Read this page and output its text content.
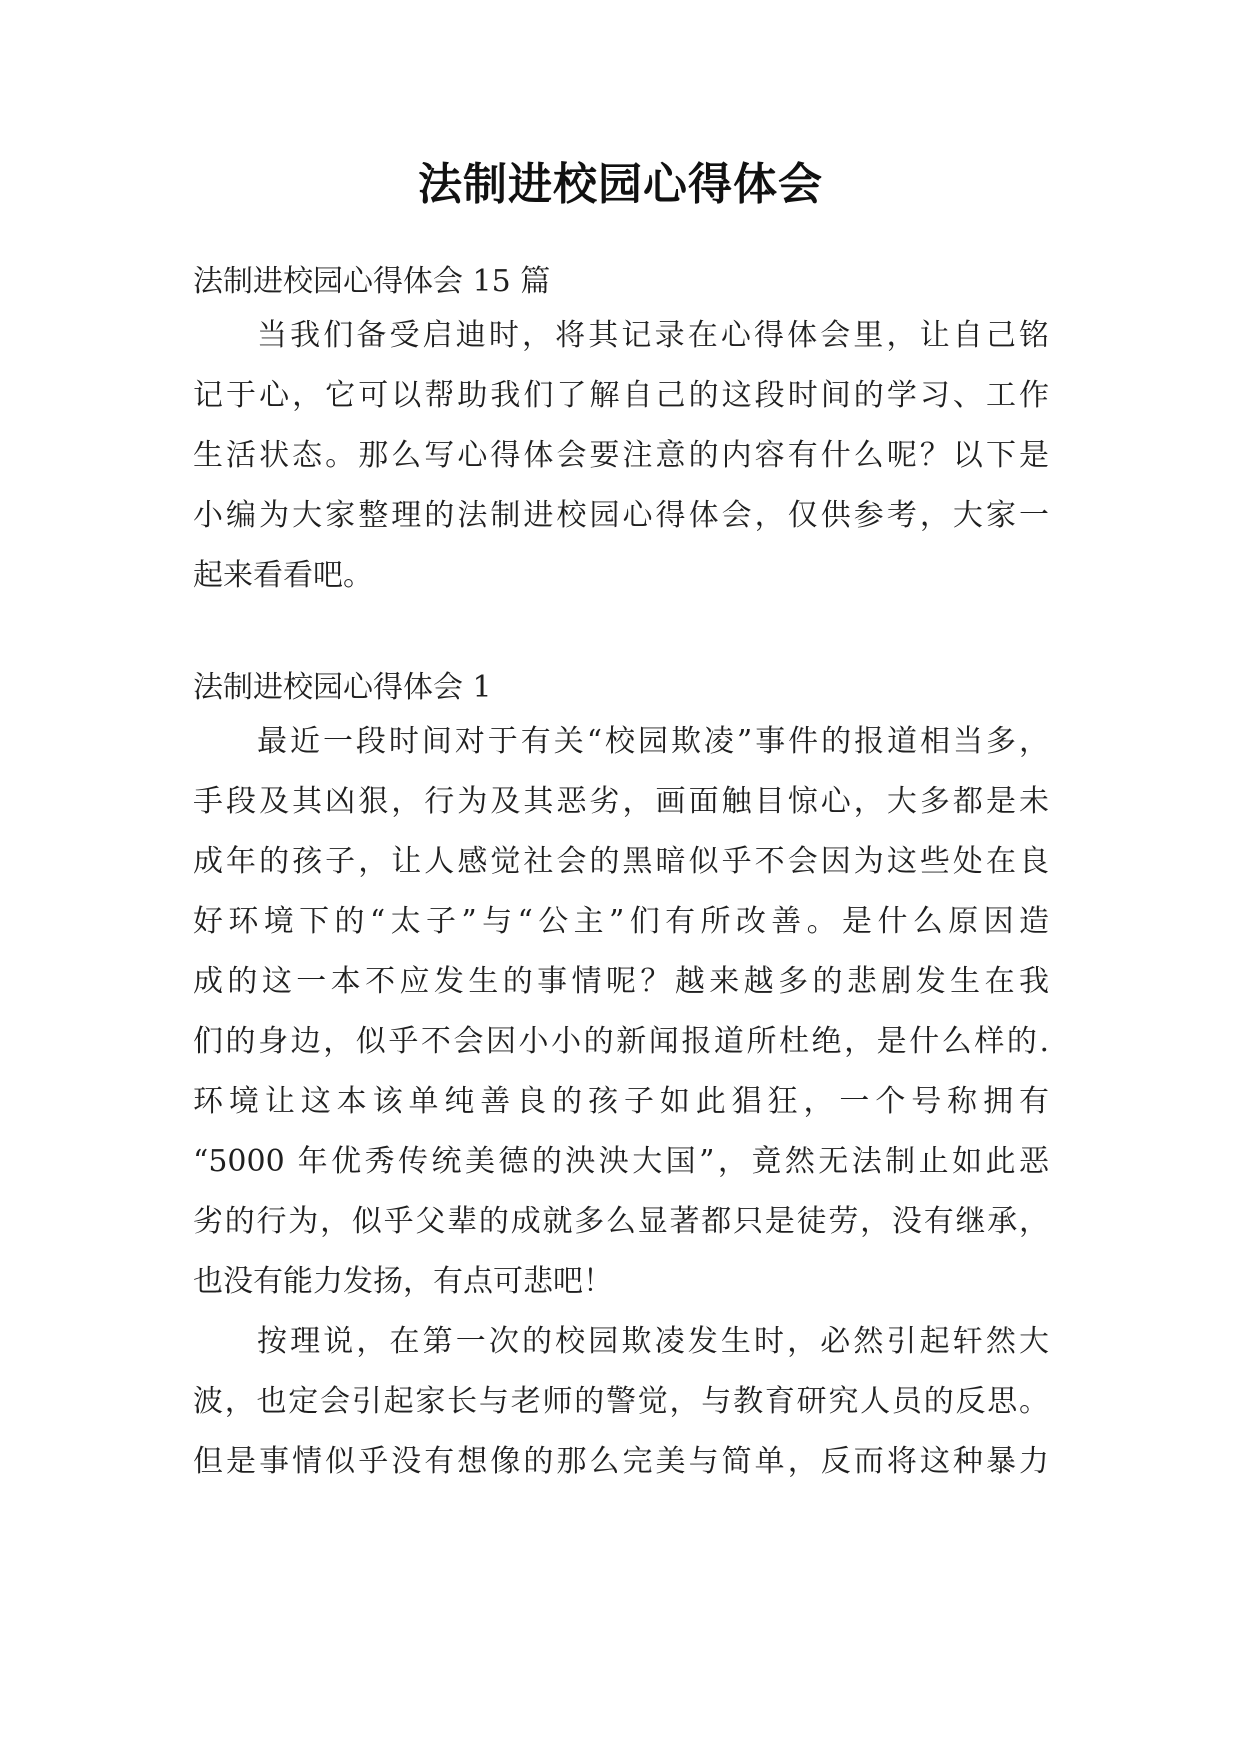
法制进校园心得体会
法制进校园心得体会 15 篇
当我们备受启迪时，将其记录在心得体会里，让自己铭
记于心，它可以帮助我们了解自己的这段时间的学习、工作
生活状态。那么写心得体会要注意的内容有什么呢？以下是
小编为大家整理的法制进校园心得体会，仅供参考，大家一
起来看看吧。
法制进校园心得体会 1
最近一段时间对于有关“校园欺凌”事件的报道相当多，
手段及其凶狠，行为及其恶劣，画面触目惊心，大多都是未
成年的孩子，让人感觉社会的黑暗似乎不会因为这些处在良
好环境下的“太子”与“公主”们有所改善。是什么原因造
成的这一本不应发生的事情呢？越来越多的悲剧发生在我
们的身边，似乎不会因小小的新闻报道所杜绝，是什么样的.
环境让这本该单纯善良的孩子如此猖狂，一个号称拥有
“5000 年优秀传统美德的泱泱大国”，竟然无法制止如此恶
劣的行为，似乎父辈的成就多么显著都只是徒劳，没有继承，
也没有能力发扬，有点可悲吧！
按理说，在第一次的校园欺凌发生时，必然引起轩然大
波，也定会引起家长与老师的警觉，与教育研究人员的反思。
但是事情似乎没有想像的那么完美与简单，反而将这种暴力
